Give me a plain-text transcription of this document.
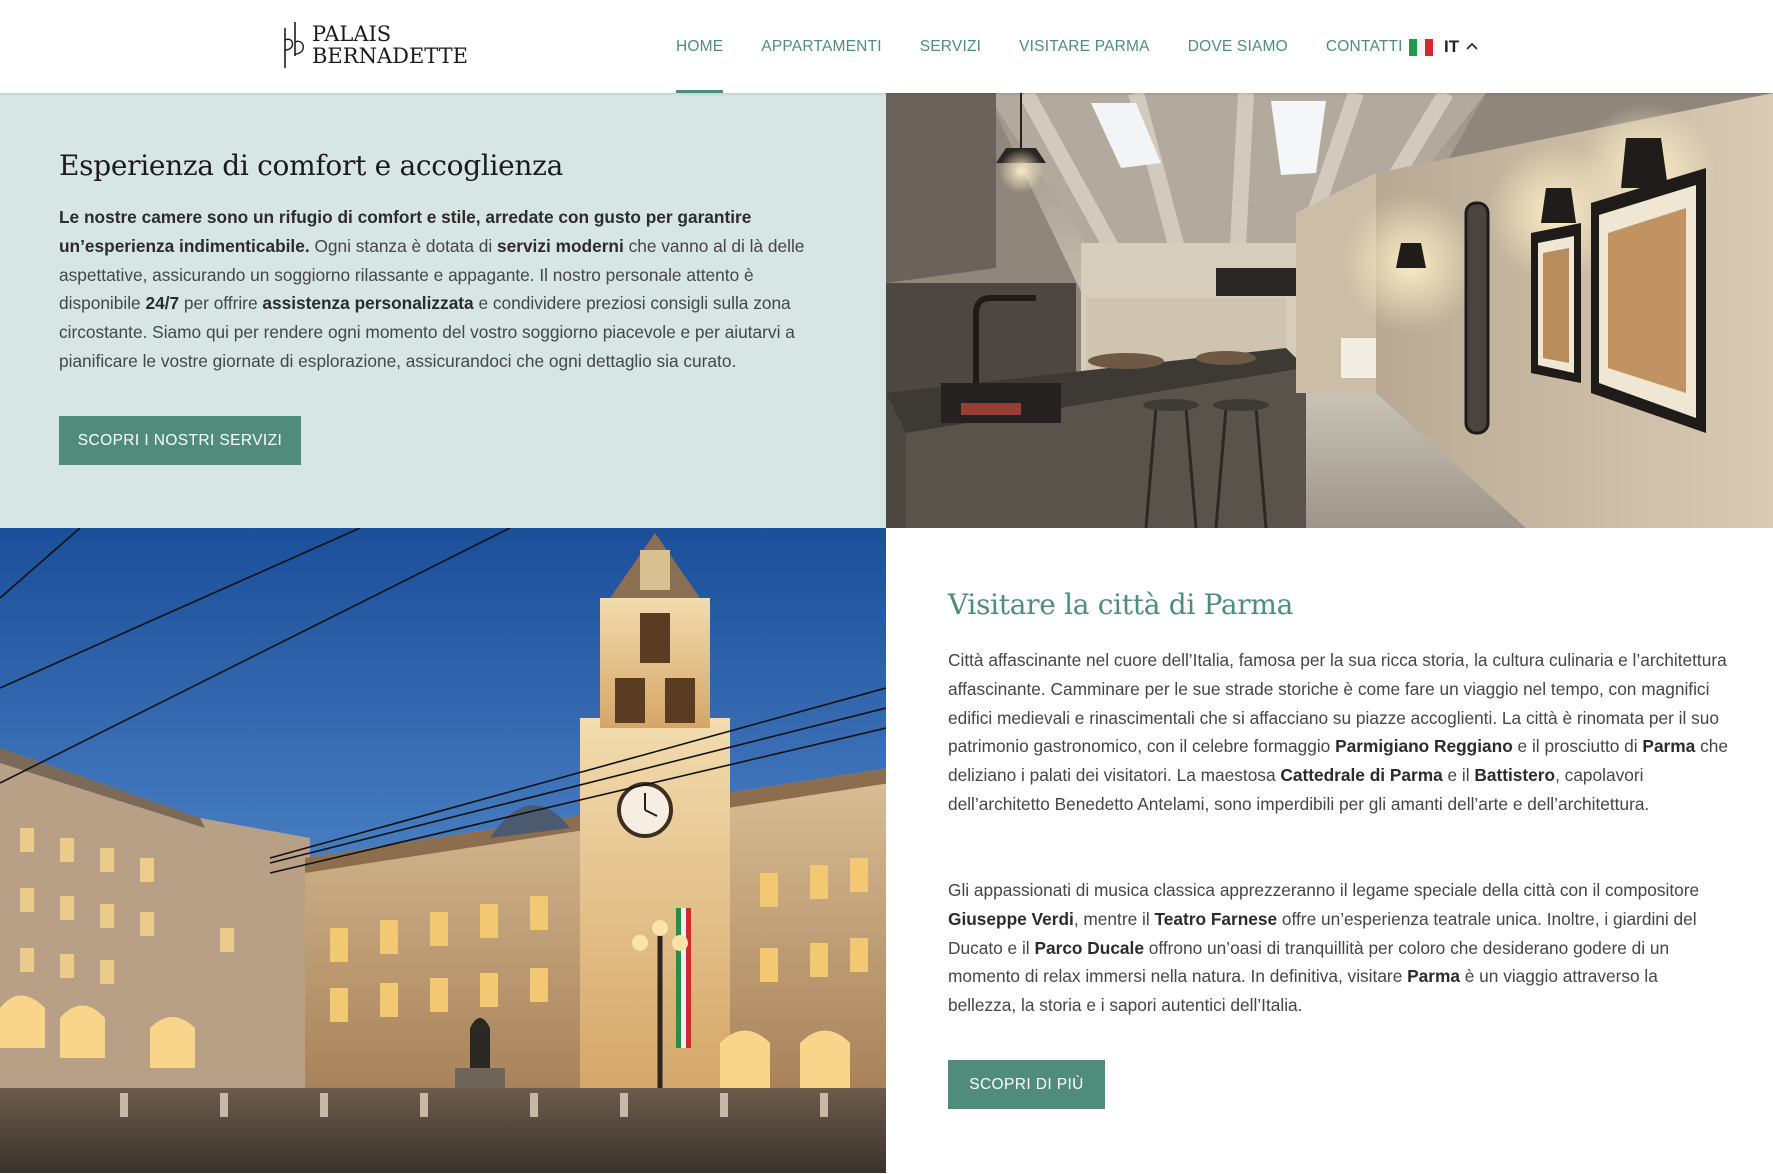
PALAIS
BERNADETTE	HOME APPARTAMENTI SERVIZI VISITARE PARMA DOVE SIAMO CONTATTI IT
Esperienza di comfort e accoglienza

Le nostre camere sono un rifugio di comfort e stile, arredate con gusto per garantire un’esperienza indimenticabile. Ogni stanza è dotata di servizi moderni che vanno al di là delle aspettative, assicurando un soggiorno rilassante e appagante. Il nostro personale attento è disponibile 24/7 per offrire assistenza personalizzata e condividere preziosi consigli sulla zona circostante. Siamo qui per rendere ogni momento del vostro soggiorno piacevole e per aiutarvi a pianificare le vostre giornate di esplorazione, assicurandoci che ogni dettaglio sia curato.

SCOPRI I NOSTRI SERVIZI
Visitare la città di Parma

Città affascinante nel cuore dell’Italia, famosa per la sua ricca storia, la cultura culinaria e l’architettura affascinante. Camminare per le sue strade storiche è come fare un viaggio nel tempo, con magnifici edifici medievali e rinascimentali che si affacciano su piazze accoglienti. La città è rinomata per il suo patrimonio gastronomico, con il celebre formaggio Parmigiano Reggiano e il prosciutto di Parma che deliziano i palati dei visitatori. La maestosa Cattedrale di Parma e il Battistero, capolavori dell’architetto Benedetto Antelami, sono imperdibili per gli amanti dell’arte e dell’architettura.

Gli appassionati di musica classica apprezzeranno il legame speciale della città con il compositore Giuseppe Verdi, mentre il Teatro Farnese offre un’esperienza teatrale unica. Inoltre, i giardini del Ducato e il Parco Ducale offrono un’oasi di tranquillità per coloro che desiderano godere di un momento di relax immersi nella natura. In definitiva, visitare Parma è un viaggio attraverso la bellezza, la storia e i sapori autentici dell’Italia.

SCOPRI DI PIÙ
